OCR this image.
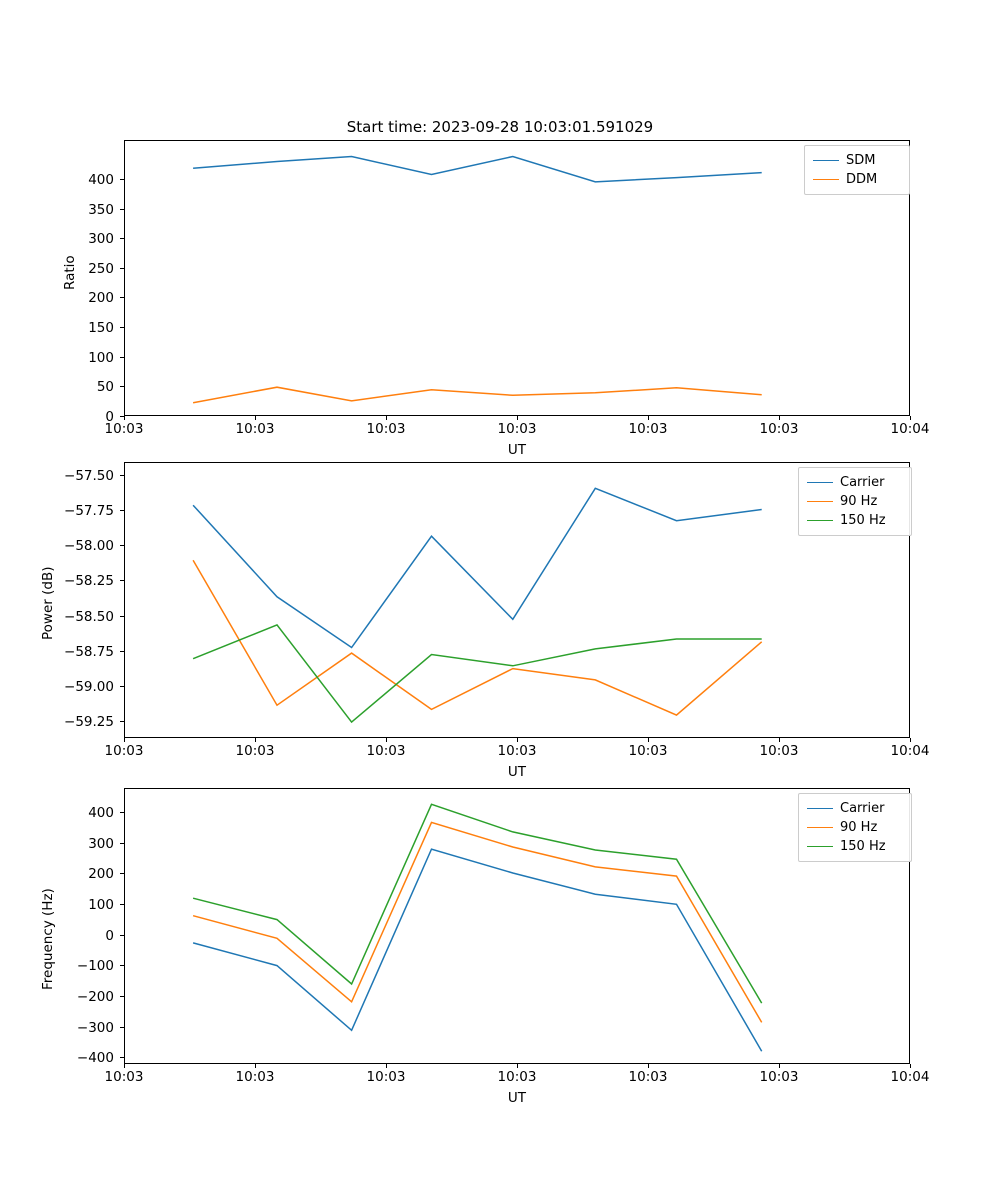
Start time: 2023-09-28 10:03:01.591029
Ratio
0
50
100
150
200
250
300
350
400
10:03	10:03	10:03	10:03	10:03	10:03	10:04
UT
SDM
DDM
Power (dB)
−59.25
−59.00
−58.75
−58.50
−58.25
−58.00
−57.75
−57.50
10:03	10:03	10:03	10:03	10:03	10:03	10:04
UT
Carrier
90 Hz
150 Hz
Frequency (Hz)
−400
−300
−200
−100
0
100
200
300
400
10:03	10:03	10:03	10:03	10:03	10:03	10:04
UT
Carrier
90 Hz
150 Hz
